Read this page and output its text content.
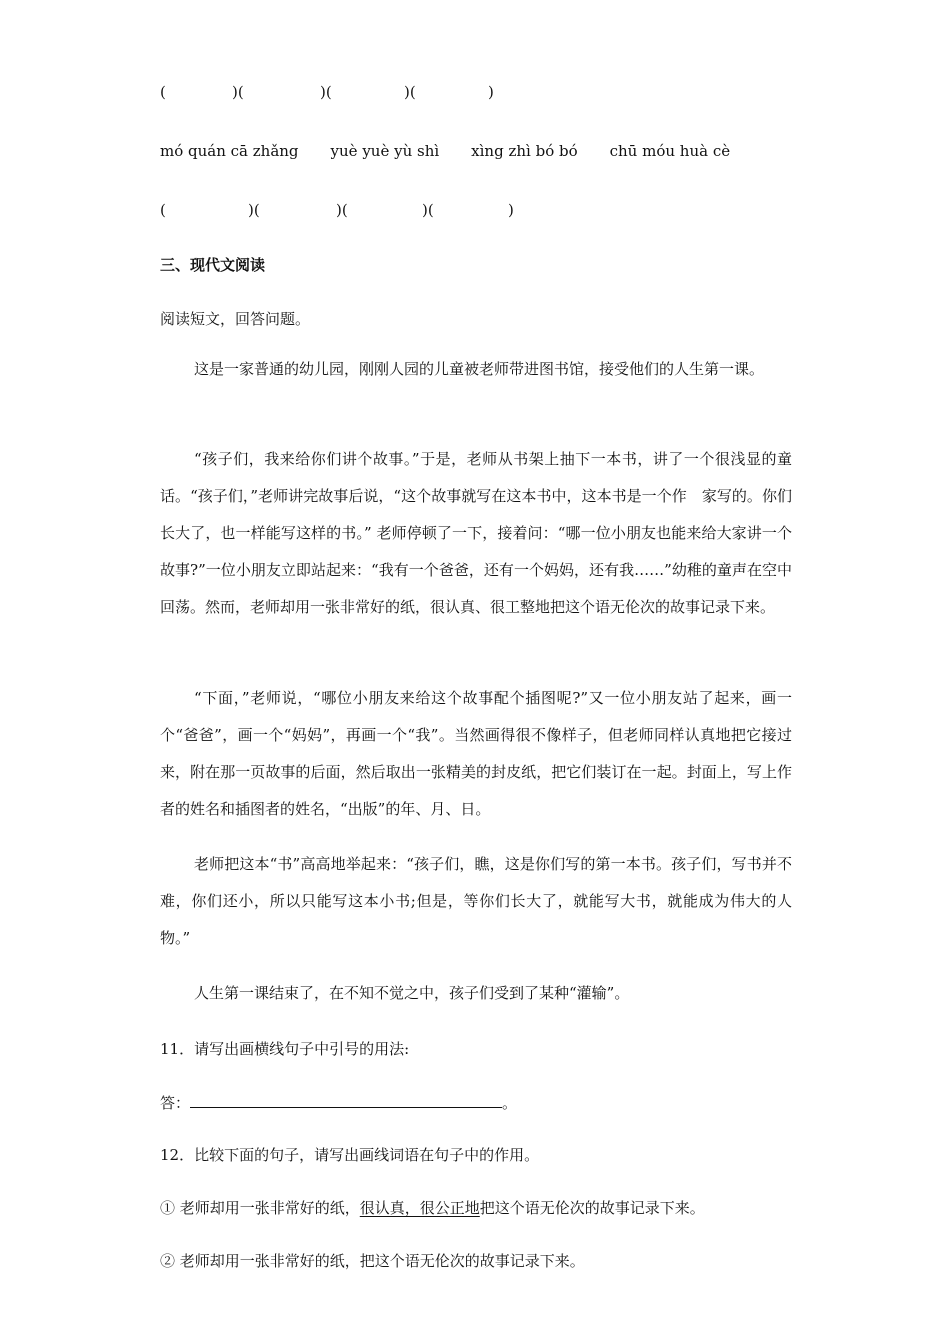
(	)(	)(	)(	)
mó quán cā zhǎng yuè yuè yù shì xìng zhì bó bó chū móu huà cè
(	)(	)(	)(	)
三、现代文阅读
阅读短文，回答问题。
这是一家普通的幼儿园，刚刚人园的儿童被老师带进图书馆，接受他们的人生第一课。
“孩子们，我来给你们讲个故事。”于是，老师从书架上抽下一本书，讲了一个很浅显的童话。“孩子们，”老师讲完故事后说，“这个故事就写在这本书中，这本书是一个作　家写的。你们长大了，也一样能写这样的书。” 老师停顿了一下，接着问：“哪一位小朋友也能来给大家讲一个故事?”一位小朋友立即站起来：“我有一个爸爸，还有一个妈妈，还有我……”幼稚的童声在空中回荡。然而，老师却用一张非常好的纸，很认真、很工整地把这个语无伦次的故事记录下来。
“下面，”老师说，“哪位小朋友来给这个故事配个插图呢?”又一位小朋友站了起来，画一个“爸爸”，画一个“妈妈”，再画一个“我”。当然画得很不像样子，但老师同样认真地把它接过来，附在那一页故事的后面，然后取出一张精美的封皮纸，把它们装订在一起。封面上，写上作者的姓名和插图者的姓名，“出版”的年、月、日。
老师把这本“书”高高地举起来：“孩子们，瞧，这是你们写的第一本书。孩子们，写书并不难，你们还小，所以只能写这本小书;但是，等你们长大了，就能写大书，就能成为伟大的人物。”
人生第一课结束了，在不知不觉之中，孩子们受到了某种“灌输”。
11．请写出画横线句子中引号的用法:
答：	。
12．比较下面的句子，请写出画线词语在句子中的作用。
① 老师却用一张非常好的纸，很认真，很公正地把这个语无伦次的故事记录下来。
② 老师却用一张非常好的纸，把这个语无伦次的故事记录下来。
